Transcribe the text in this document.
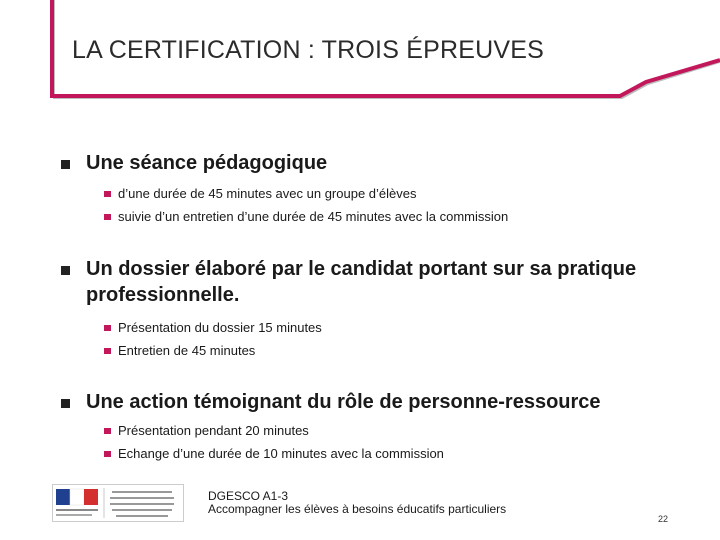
LA CERTIFICATION : TROIS ÉPREUVES
Une séance pédagogique
d’une durée de 45 minutes avec un groupe d’élèves
suivie d’un entretien d’une durée de 45 minutes avec la commission
Un dossier élaboré par le candidat portant sur sa pratique
professionnelle.
Présentation du dossier 15 minutes
Entretien de 45 minutes
Une action témoignant du rôle de personne-ressource
Présentation pendant 20 minutes
Echange d’une durée de 10 minutes avec la commission
DGESCO A1-3
Accompagner les élèves à besoins éducatifs particuliers
22
